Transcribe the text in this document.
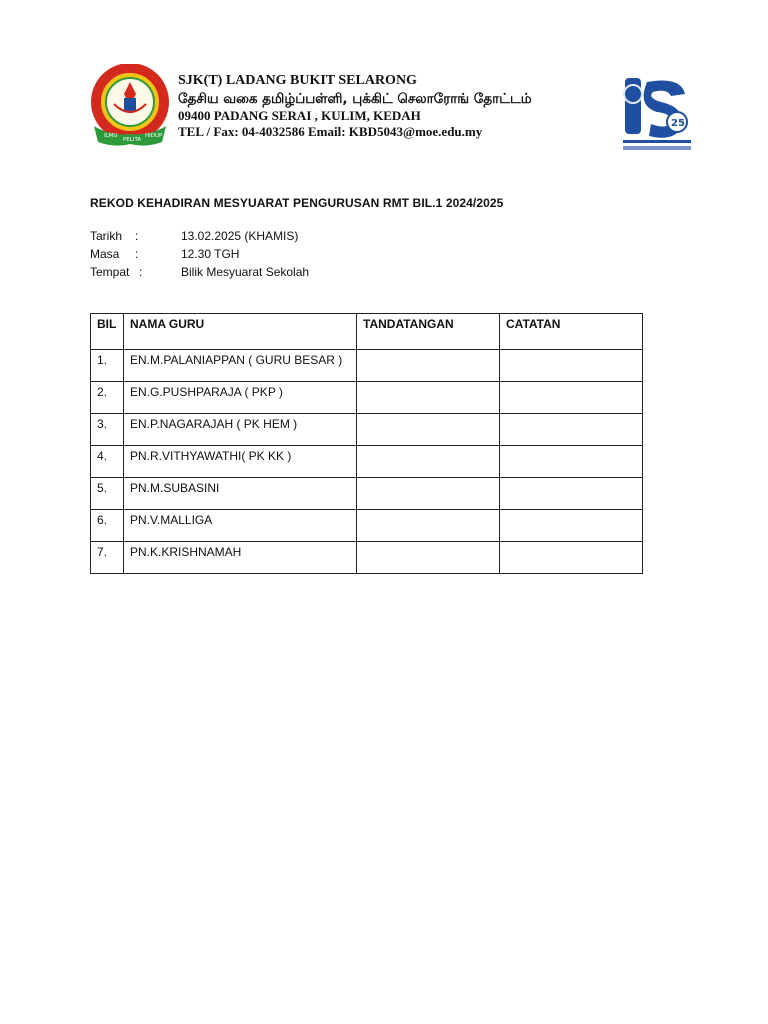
ILMU
PELITA
HIDUP
SJK(T) LADANG BUKIT SELARONG
தேசிய வகை தமிழ்ப்பள்ளி, புக்கிட் செலாரோங் தோட்டம்
09400 PADANG SERAI , KULIM, KEDAH
TEL / Fax: 04-4032586 Email: KBD5043@moe.edu.my
25
REKOD KEHADIRAN MESYUARAT PENGURUSAN RMT BIL.1 2024/2025
Tarikh :	13.02.2025 (KHAMIS)
Masa :	12.30 TGH
Tempat :	Bilik Mesyuarat Sekolah
BIL	NAMA GURU	TANDATANGAN	CATATAN
1.	EN.M.PALANIAPPAN ( GURU BESAR )		
2.	EN.G.PUSHPARAJA ( PKP )		
3.	EN.P.NAGARAJAH ( PK HEM )		
4.	PN.R.VITHYAWATHI( PK KK )		
5.	PN.M.SUBASINI		
6.	PN.V.MALLIGA		
7.	PN.K.KRISHNAMAH		
